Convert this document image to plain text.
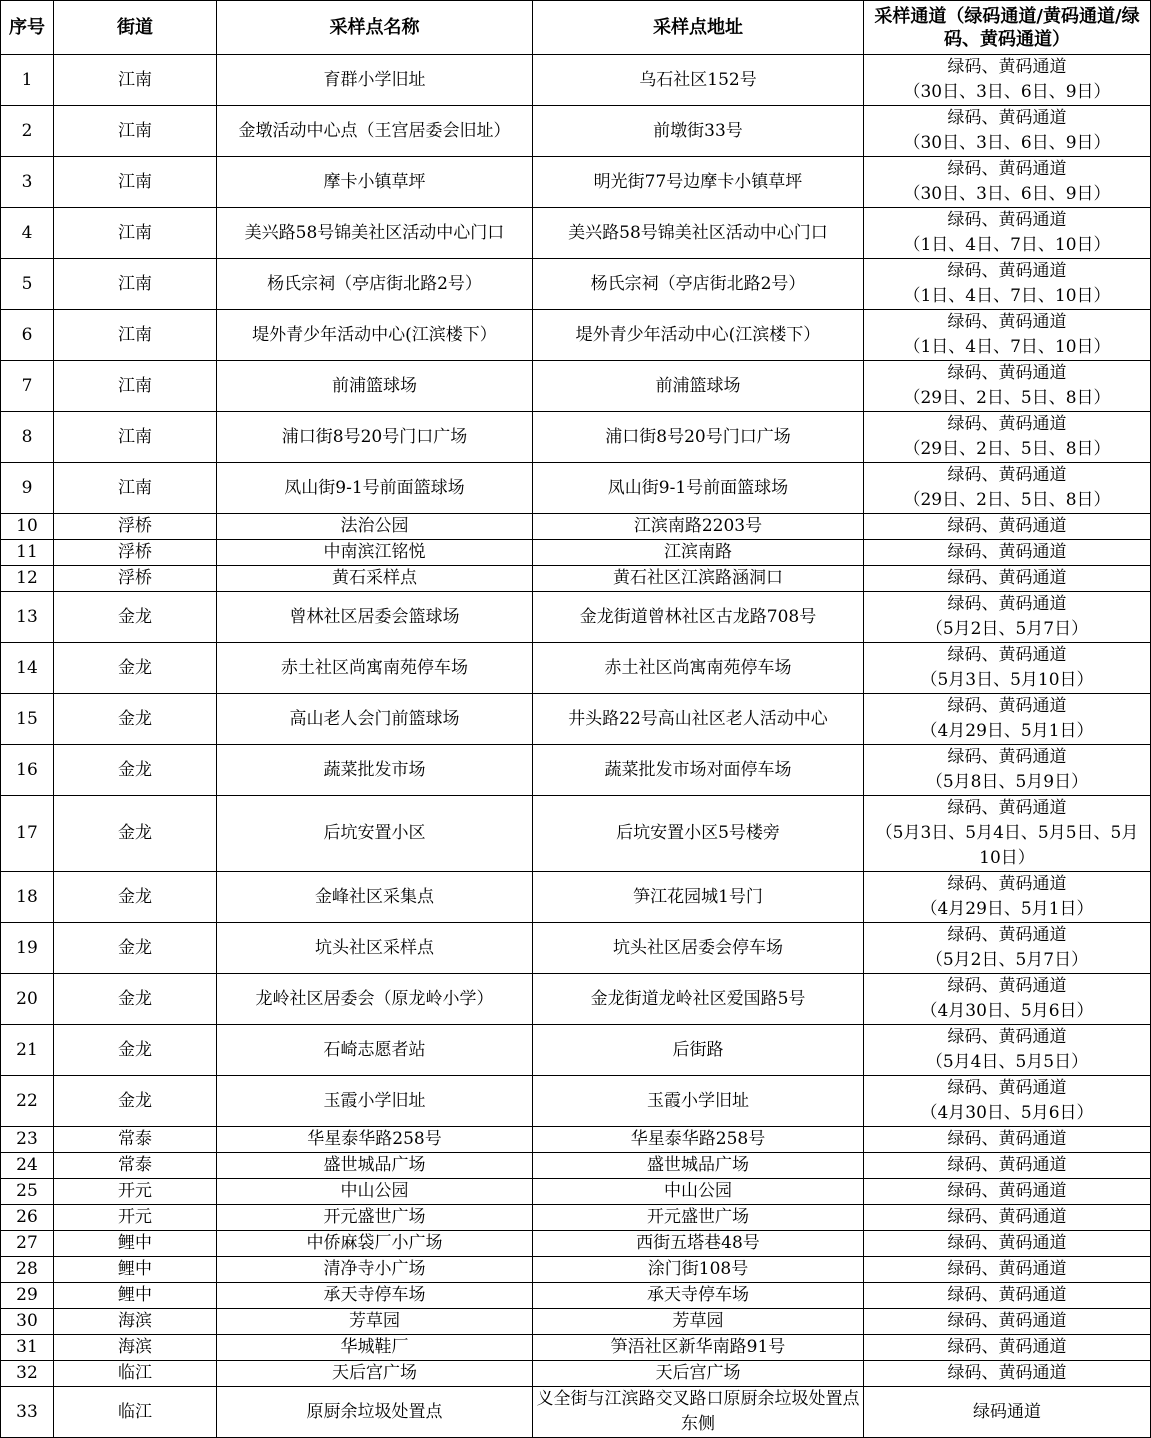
序号	街道	采样点名称	采样点地址	采样通道（绿码通道/黄码通道/绿码、黄码通道）
1	江南	育群小学旧址	乌石社区152号	绿码、黄码通道
（30日、3日、6日、9日）
2	江南	金墩活动中心点（王宫居委会旧址）	前墩街33号	绿码、黄码通道
（30日、3日、6日、9日）
3	江南	摩卡小镇草坪	明光街77号边摩卡小镇草坪	绿码、黄码通道
（30日、3日、6日、9日）
4	江南	美兴路58号锦美社区活动中心门口	美兴路58号锦美社区活动中心门口	绿码、黄码通道
（1日、4日、7日、10日）
5	江南	杨氏宗祠（亭店街北路2号）	杨氏宗祠（亭店街北路2号）	绿码、黄码通道
（1日、4日、7日、10日）
6	江南	堤外青少年活动中心(江滨楼下）	堤外青少年活动中心(江滨楼下）	绿码、黄码通道
（1日、4日、7日、10日）
7	江南	前浦篮球场	前浦篮球场	绿码、黄码通道
（29日、2日、5日、8日）
8	江南	浦口街8号20号门口广场	浦口街8号20号门口广场	绿码、黄码通道
（29日、2日、5日、8日）
9	江南	凤山街9-1号前面篮球场	凤山街9-1号前面篮球场	绿码、黄码通道
（29日、2日、5日、8日）
10	浮桥	法治公园	江滨南路2203号	绿码、黄码通道
11	浮桥	中南滨江铭悦	江滨南路	绿码、黄码通道
12	浮桥	黄石采样点	黄石社区江滨路涵洞口	绿码、黄码通道
13	金龙	曾林社区居委会篮球场	金龙街道曾林社区古龙路708号	绿码、黄码通道
（5月2日、5月7日）
14	金龙	赤土社区尚寓南苑停车场	赤土社区尚寓南苑停车场	绿码、黄码通道
（5月3日、5月10日）
15	金龙	高山老人会门前篮球场	井头路22号高山社区老人活动中心	绿码、黄码通道
（4月29日、5月1日）
16	金龙	蔬菜批发市场	蔬菜批发市场对面停车场	绿码、黄码通道
（5月8日、5月9日）
17	金龙	后坑安置小区	后坑安置小区5号楼旁	绿码、黄码通道
（5月3日、5月4日、5月5日、5月
10日）
18	金龙	金峰社区采集点	笋江花园城1号门	绿码、黄码通道
（4月29日、5月1日）
19	金龙	坑头社区采样点	坑头社区居委会停车场	绿码、黄码通道
（5月2日、5月7日）
20	金龙	龙岭社区居委会（原龙岭小学）	金龙街道龙岭社区爱国路5号	绿码、黄码通道
（4月30日、5月6日）
21	金龙	石崎志愿者站	后街路	绿码、黄码通道
（5月4日、5月5日）
22	金龙	玉霞小学旧址	玉霞小学旧址	绿码、黄码通道
（4月30日、5月6日）
23	常泰	华星泰华路258号	华星泰华路258号	绿码、黄码通道
24	常泰	盛世城品广场	盛世城品广场	绿码、黄码通道
25	开元	中山公园	中山公园	绿码、黄码通道
26	开元	开元盛世广场	开元盛世广场	绿码、黄码通道
27	鲤中	中侨麻袋厂小广场	西街五塔巷48号	绿码、黄码通道
28	鲤中	清净寺小广场	涂门街108号	绿码、黄码通道
29	鲤中	承天寺停车场	承天寺停车场	绿码、黄码通道
30	海滨	芳草园	芳草园	绿码、黄码通道
31	海滨	华城鞋厂	笋浯社区新华南路91号	绿码、黄码通道
32	临江	天后宫广场	天后宫广场	绿码、黄码通道
33	临江	原厨余垃圾处置点	义全街与江滨路交叉路口原厨余垃圾处置点东侧	绿码通道
